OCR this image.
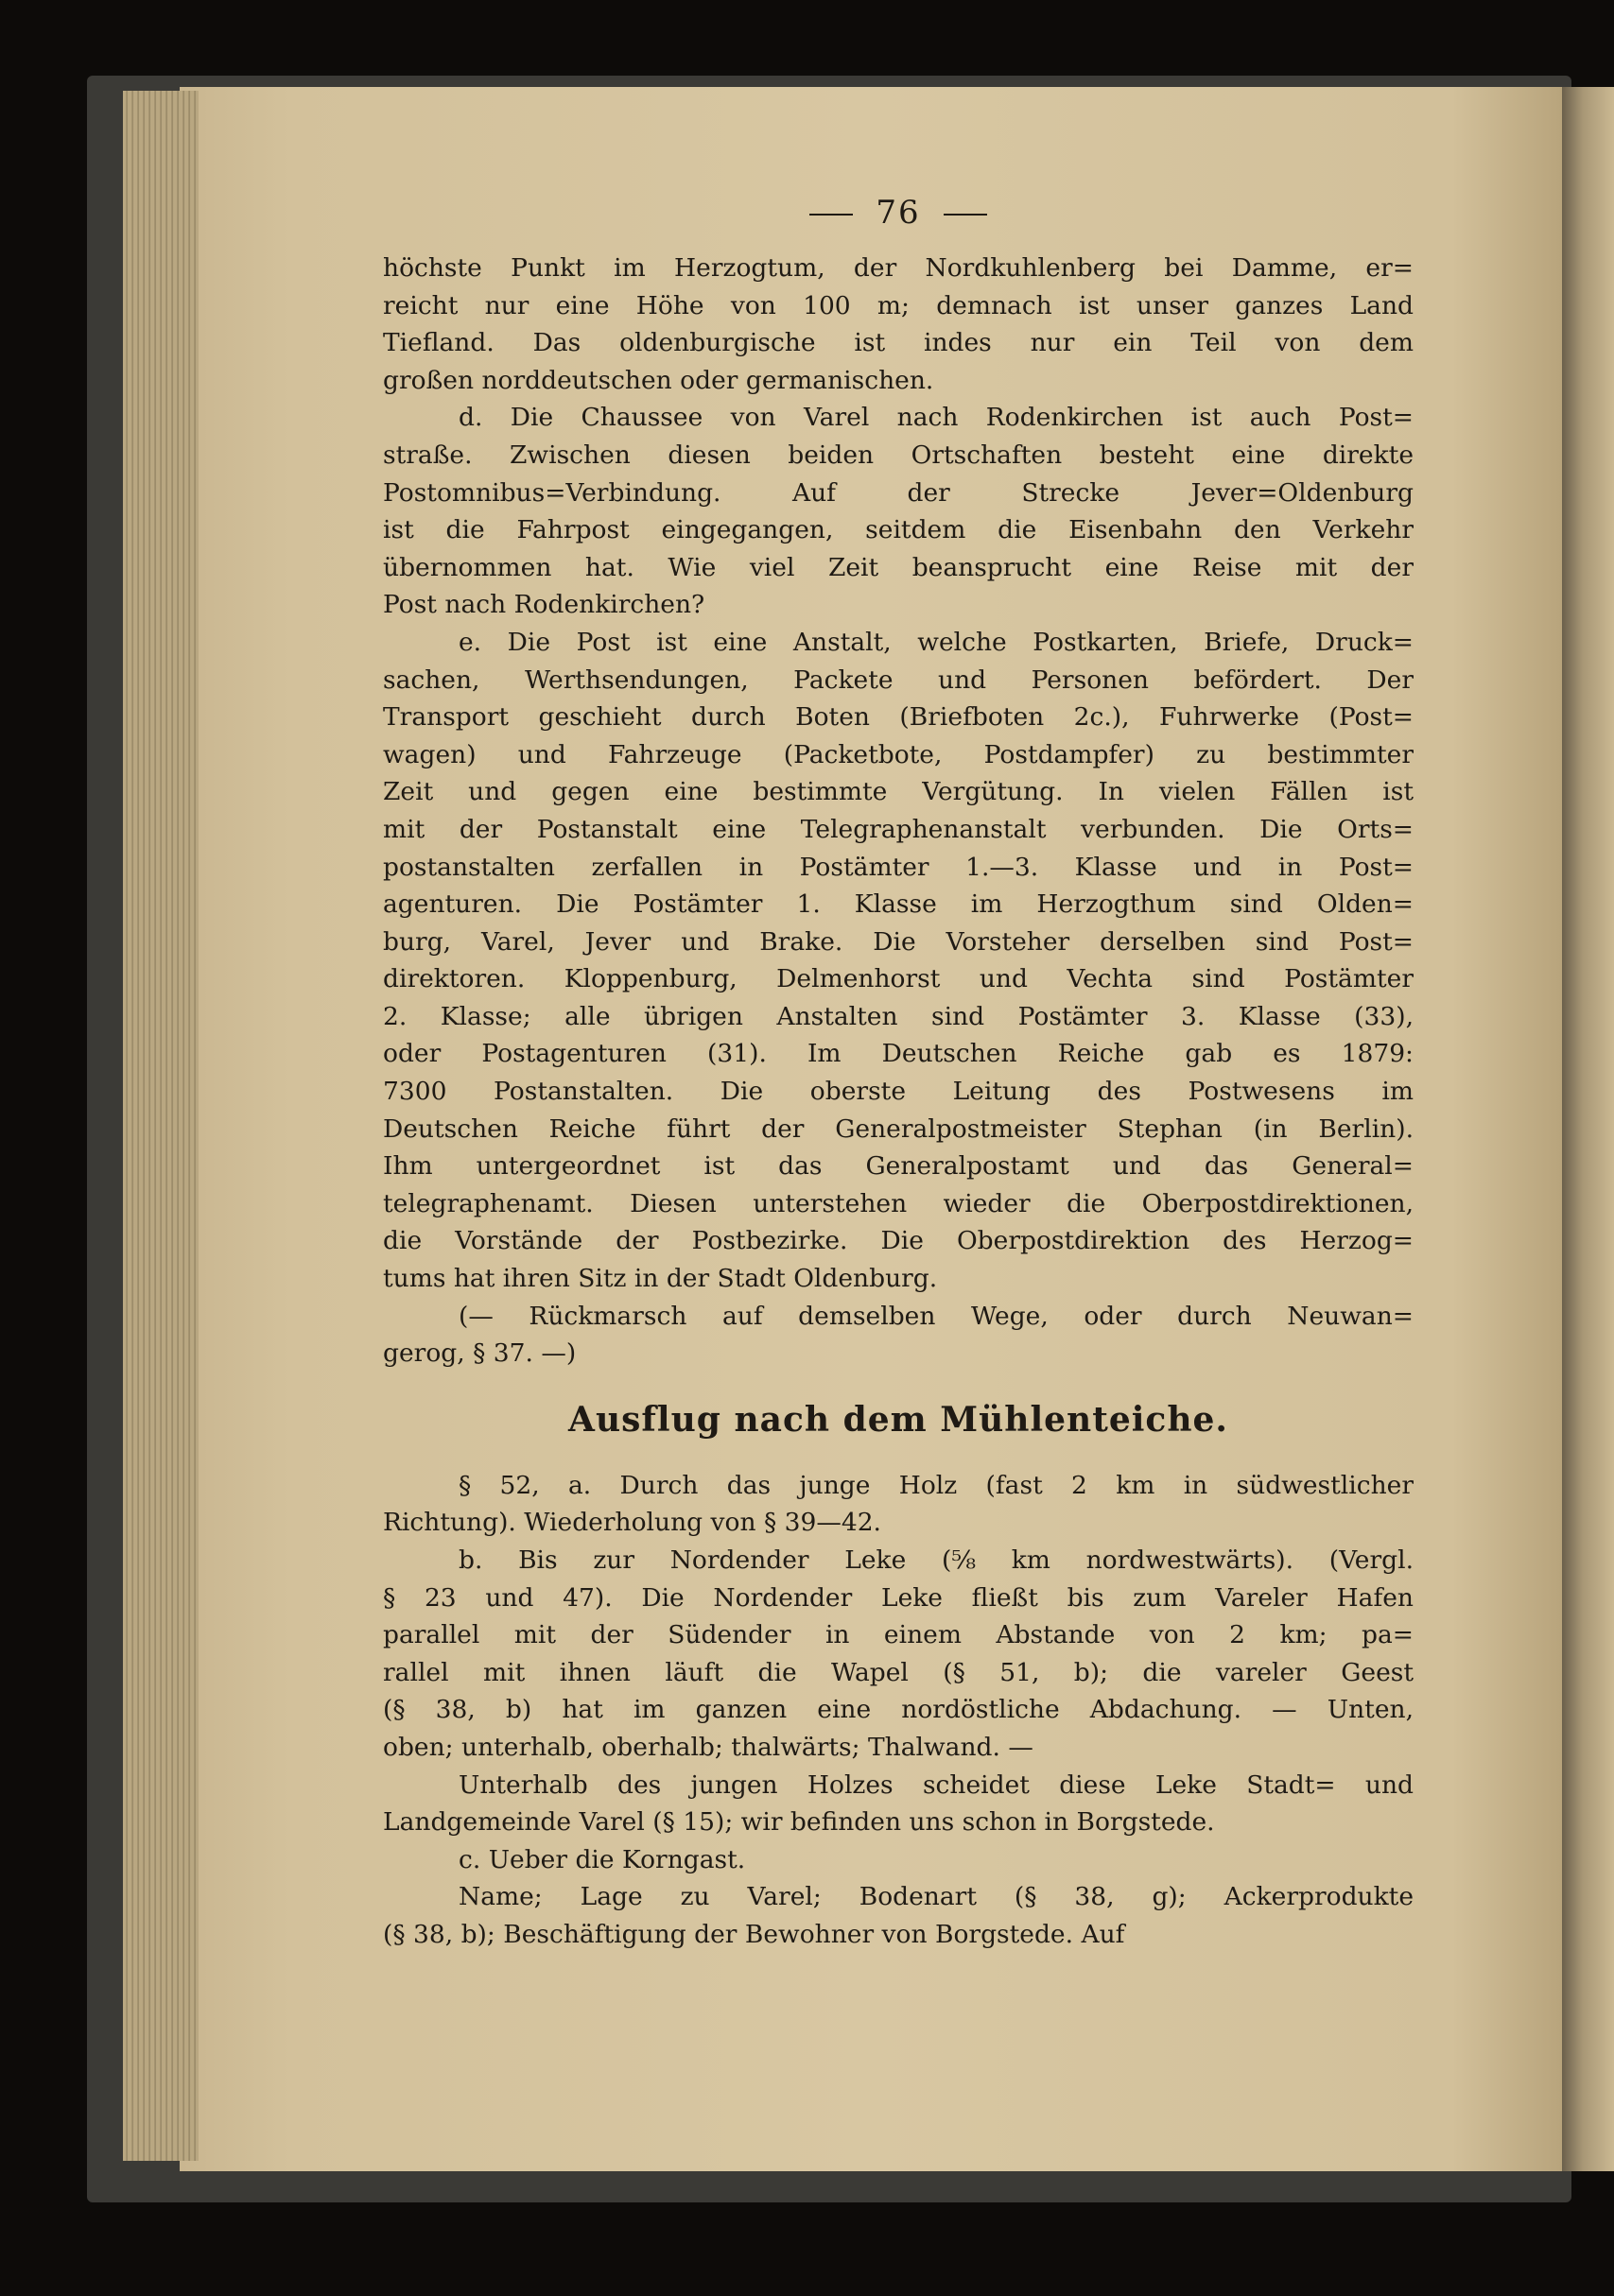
76
höchste Punkt im Herzogtum, der Nordkuhlenberg bei Damme, er=
reicht nur eine Höhe von 100 m; demnach ist unser ganzes Land
Tiefland. Das oldenburgische ist indes nur ein Teil von dem
großen norddeutschen oder germanischen.
d. Die Chaussee von Varel nach Rodenkirchen ist auch Post=
straße. Zwischen diesen beiden Ortschaften besteht eine direkte
Postomnibus=Verbindung. Auf der Strecke Jever=Oldenburg
ist die Fahrpost eingegangen, seitdem die Eisenbahn den Verkehr
übernommen hat. Wie viel Zeit beansprucht eine Reise mit der
Post nach Rodenkirchen?
e. Die Post ist eine Anstalt, welche Postkarten, Briefe, Druck=
sachen, Werthsendungen, Packete und Personen befördert. Der
Transport geschieht durch Boten (Briefboten 2c.), Fuhrwerke (Post=
wagen) und Fahrzeuge (Packetbote, Postdampfer) zu bestimmter
Zeit und gegen eine bestimmte Vergütung. In vielen Fällen ist
mit der Postanstalt eine Telegraphenanstalt verbunden. Die Orts=
postanstalten zerfallen in Postämter 1.—3. Klasse und in Post=
agenturen. Die Postämter 1. Klasse im Herzogthum sind Olden=
burg, Varel, Jever und Brake. Die Vorsteher derselben sind Post=
direktoren. Kloppenburg, Delmenhorst und Vechta sind Postämter
2. Klasse; alle übrigen Anstalten sind Postämter 3. Klasse (33),
oder Postagenturen (31). Im Deutschen Reiche gab es 1879:
7300 Postanstalten. Die oberste Leitung des Postwesens im
Deutschen Reiche führt der Generalpostmeister Stephan (in Berlin).
Ihm untergeordnet ist das Generalpostamt und das General=
telegraphenamt. Diesen unterstehen wieder die Oberpostdirektionen,
die Vorstände der Postbezirke. Die Oberpostdirektion des Herzog=
tums hat ihren Sitz in der Stadt Oldenburg.
(— Rückmarsch auf demselben Wege, oder durch Neuwan=
gerog, § 37. —)
Ausflug nach dem Mühlenteiche.
§ 52, a. Durch das junge Holz (fast 2 km in südwestlicher
Richtung). Wiederholung von § 39—42.
b. Bis zur Nordender Leke (⅝ km nordwestwärts). (Vergl.
§ 23 und 47). Die Nordender Leke fließt bis zum Vareler Hafen
parallel mit der Südender in einem Abstande von 2 km; pa=
rallel mit ihnen läuft die Wapel (§ 51, b); die vareler Geest
(§ 38, b) hat im ganzen eine nordöstliche Abdachung. — Unten,
oben; unterhalb, oberhalb; thalwärts; Thalwand. —
Unterhalb des jungen Holzes scheidet diese Leke Stadt= und
Landgemeinde Varel (§ 15); wir befinden uns schon in Borgstede.
c. Ueber die Korngast.
Name; Lage zu Varel; Bodenart (§ 38, g); Ackerprodukte
(§ 38, b); Beschäftigung der Bewohner von Borgstede. Auf
